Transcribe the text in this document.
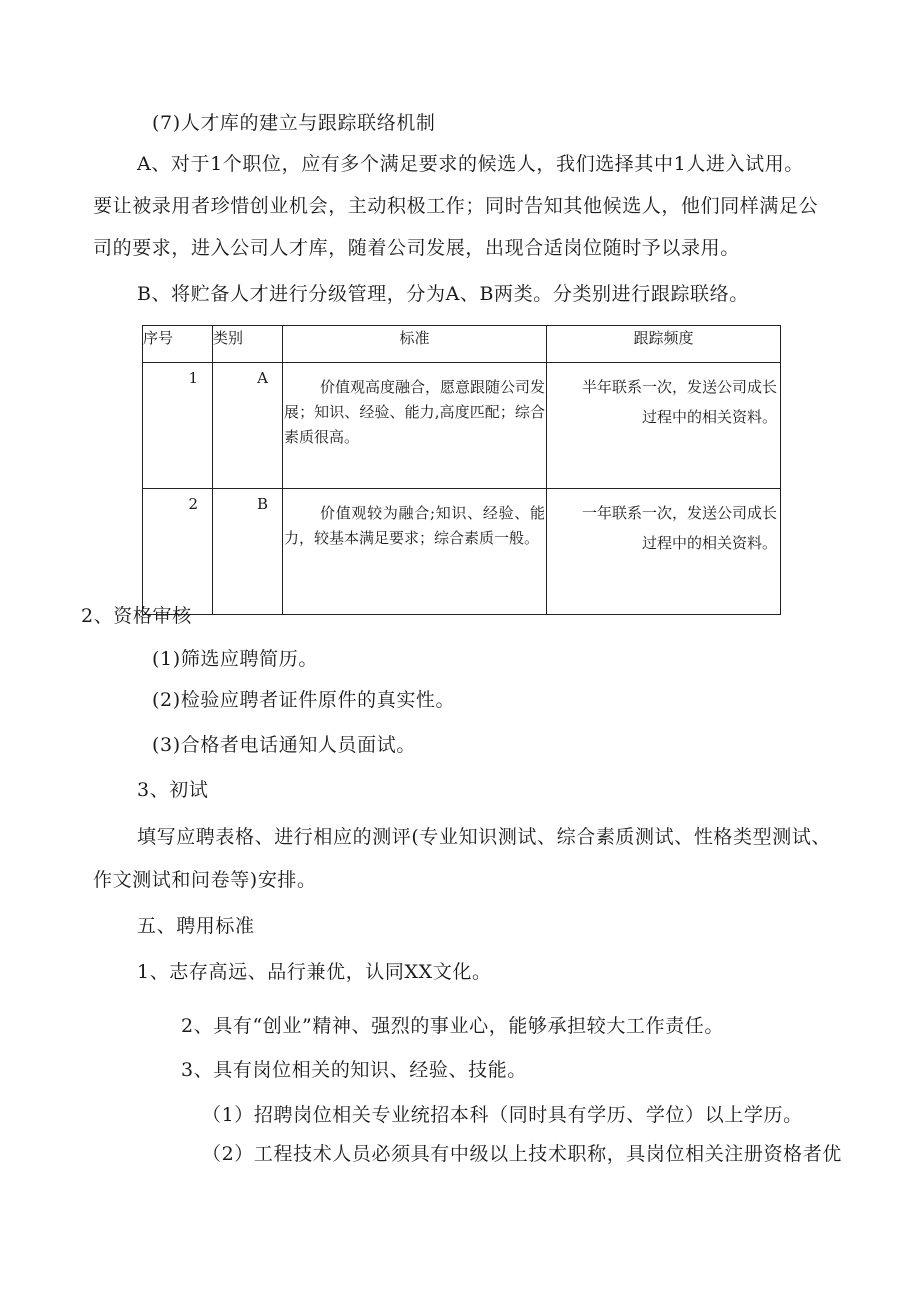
(7)人才库的建立与跟踪联络机制
A、对于1个职位，应有多个满足要求的候选人，我们选择其中1人进入试用。
要让被录用者珍惜创业机会，主动积极工作；同时告知其他候选人，他们同样满足公
司的要求，进入公司人才库，随着公司发展，出现合适岗位随时予以录用。
B、将贮备人才进行分级管理，分为A、B两类。分类别进行跟踪联络。
序号	类别	标准	跟踪频度
1	A	价值观高度融合，愿意跟随公司发展；知识、经验、能力,高度匹配；综合素质很高。	半年联系一次，发送公司成长
过程中的相关资料。

2	B	价值观较为融合;知识、经验、能力，较基本满足要求；综合素质一般。	一年联系一次，发送公司成长
过程中的相关资料。
2、资格审核
(1)筛选应聘简历。
(2)检验应聘者证件原件的真实性。
(3)合格者电话通知人员面试。
3、初试
填写应聘表格、进行相应的测评(专业知识测试、综合素质测试、性格类型测试、
作文测试和问卷等)安排。
五、聘用标准
1、志存高远、品行兼优，认同XX文化。
2、具有“创业”精神、强烈的事业心，能够承担较大工作责任。
3、具有岗位相关的知识、经验、技能。
（1）招聘岗位相关专业统招本科（同时具有学历、学位）以上学历。
（2）工程技术人员必须具有中级以上技术职称，具岗位相关注册资格者优
